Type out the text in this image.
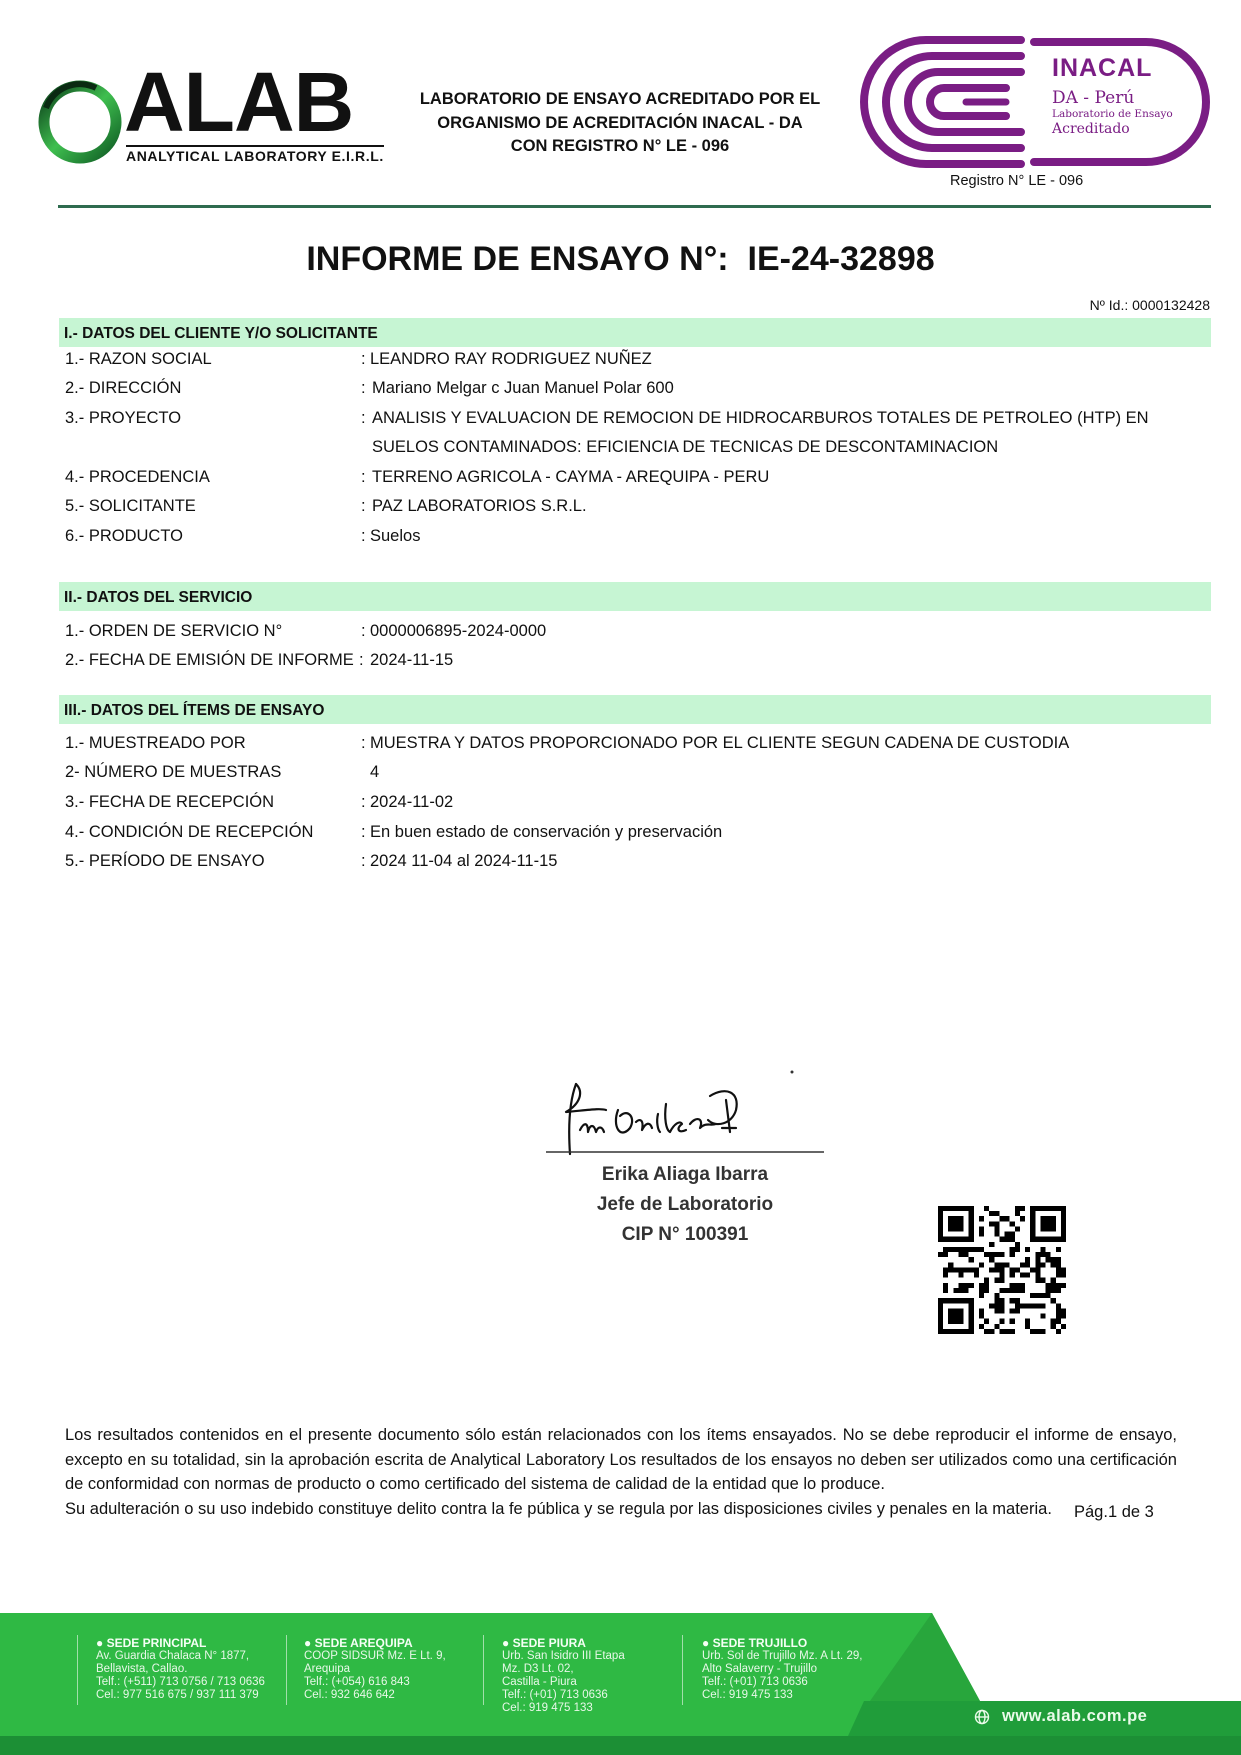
ALAB
ANALYTICAL LABORATORY E.I.R.L.
LABORATORIO DE ENSAYO ACREDITADO POR EL
ORGANISMO DE ACREDITACIÓN INACAL - DA
CON REGISTRO N° LE - 096
INACAL
DA - Perú
Laboratorio de Ensayo
Acreditado
Registro N° LE - 096
INFORME DE ENSAYO N°:  IE-24-32898
Nº Id.: 0000132428
I.- DATOS DEL CLIENTE Y/O SOLICITANTE
1.- RAZON SOCIAL	: LEANDRO RAY RODRIGUEZ NUÑEZ
2.- DIRECCIÓN	: Mariano Melgar c Juan Manuel Polar 600
3.- PROYECTO	: ANALISIS Y EVALUACION DE REMOCION DE HIDROCARBUROS TOTALES DE PETROLEO (HTP) EN SUELOS CONTAMINADOS: EFICIENCIA DE TECNICAS DE DESCONTAMINACION
4.- PROCEDENCIA	: TERRENO AGRICOLA - CAYMA - AREQUIPA - PERU
5.- SOLICITANTE	: PAZ LABORATORIOS S.R.L.
6.- PRODUCTO	: Suelos
II.- DATOS DEL SERVICIO
1.- ORDEN DE SERVICIO N°	: 0000006895-2024-0000
2.- FECHA DE EMISIÓN DE INFORME : 2024-11-15
III.- DATOS DEL ÍTEMS DE ENSAYO
1.- MUESTREADO POR	: MUESTRA Y DATOS PROPORCIONADO POR EL CLIENTE SEGUN CADENA DE CUSTODIA
2- NÚMERO DE MUESTRAS	4
3.- FECHA DE RECEPCIÓN	: 2024-11-02
4.- CONDICIÓN DE RECEPCIÓN	: En buen estado de conservación y preservación
5.- PERÍODO DE ENSAYO	: 2024 11-04 al 2024-11-15
Erika Aliaga Ibarra
Jefe de Laboratorio
CIP N° 100391

Los resultados contenidos en el presente documento sólo están relacionados con los ítems ensayados. No se debe reproducir el informe de ensayo, excepto en su totalidad, sin la aprobación escrita de Analytical Laboratory Los resultados de los ensayos no deben ser utilizados como una certificación de conformidad con normas de producto o como certificado del sistema de calidad de la entidad que lo produce.

Su adulteración o su uso indebido constituye delito contra la fe pública y se regula por las disposiciones civiles y penales en la materia.	Pág.1 de 3
● SEDE PRINCIPAL
Av. Guardia Chalaca N° 1877,
Bellavista, Callao.
Telf.: (+511) 713 0756 / 713 0636
Cel.: 977 516 675 / 937 111 379
● SEDE AREQUIPA
COOP SIDSUR Mz. E Lt. 9,
Arequipa
Telf.: (+054) 616 843
Cel.: 932 646 642
● SEDE PIURA
Urb. San Isidro III Etapa
Mz. D3 Lt. 02,
Castilla - Piura
Telf.: (+01) 713 0636
Cel.: 919 475 133
● SEDE TRUJILLO
Urb. Sol de Trujillo Mz. A Lt. 29,
Alto Salaverry - Trujillo
Telf.: (+01) 713 0636
Cel.: 919 475 133
www.alab.com.pe
